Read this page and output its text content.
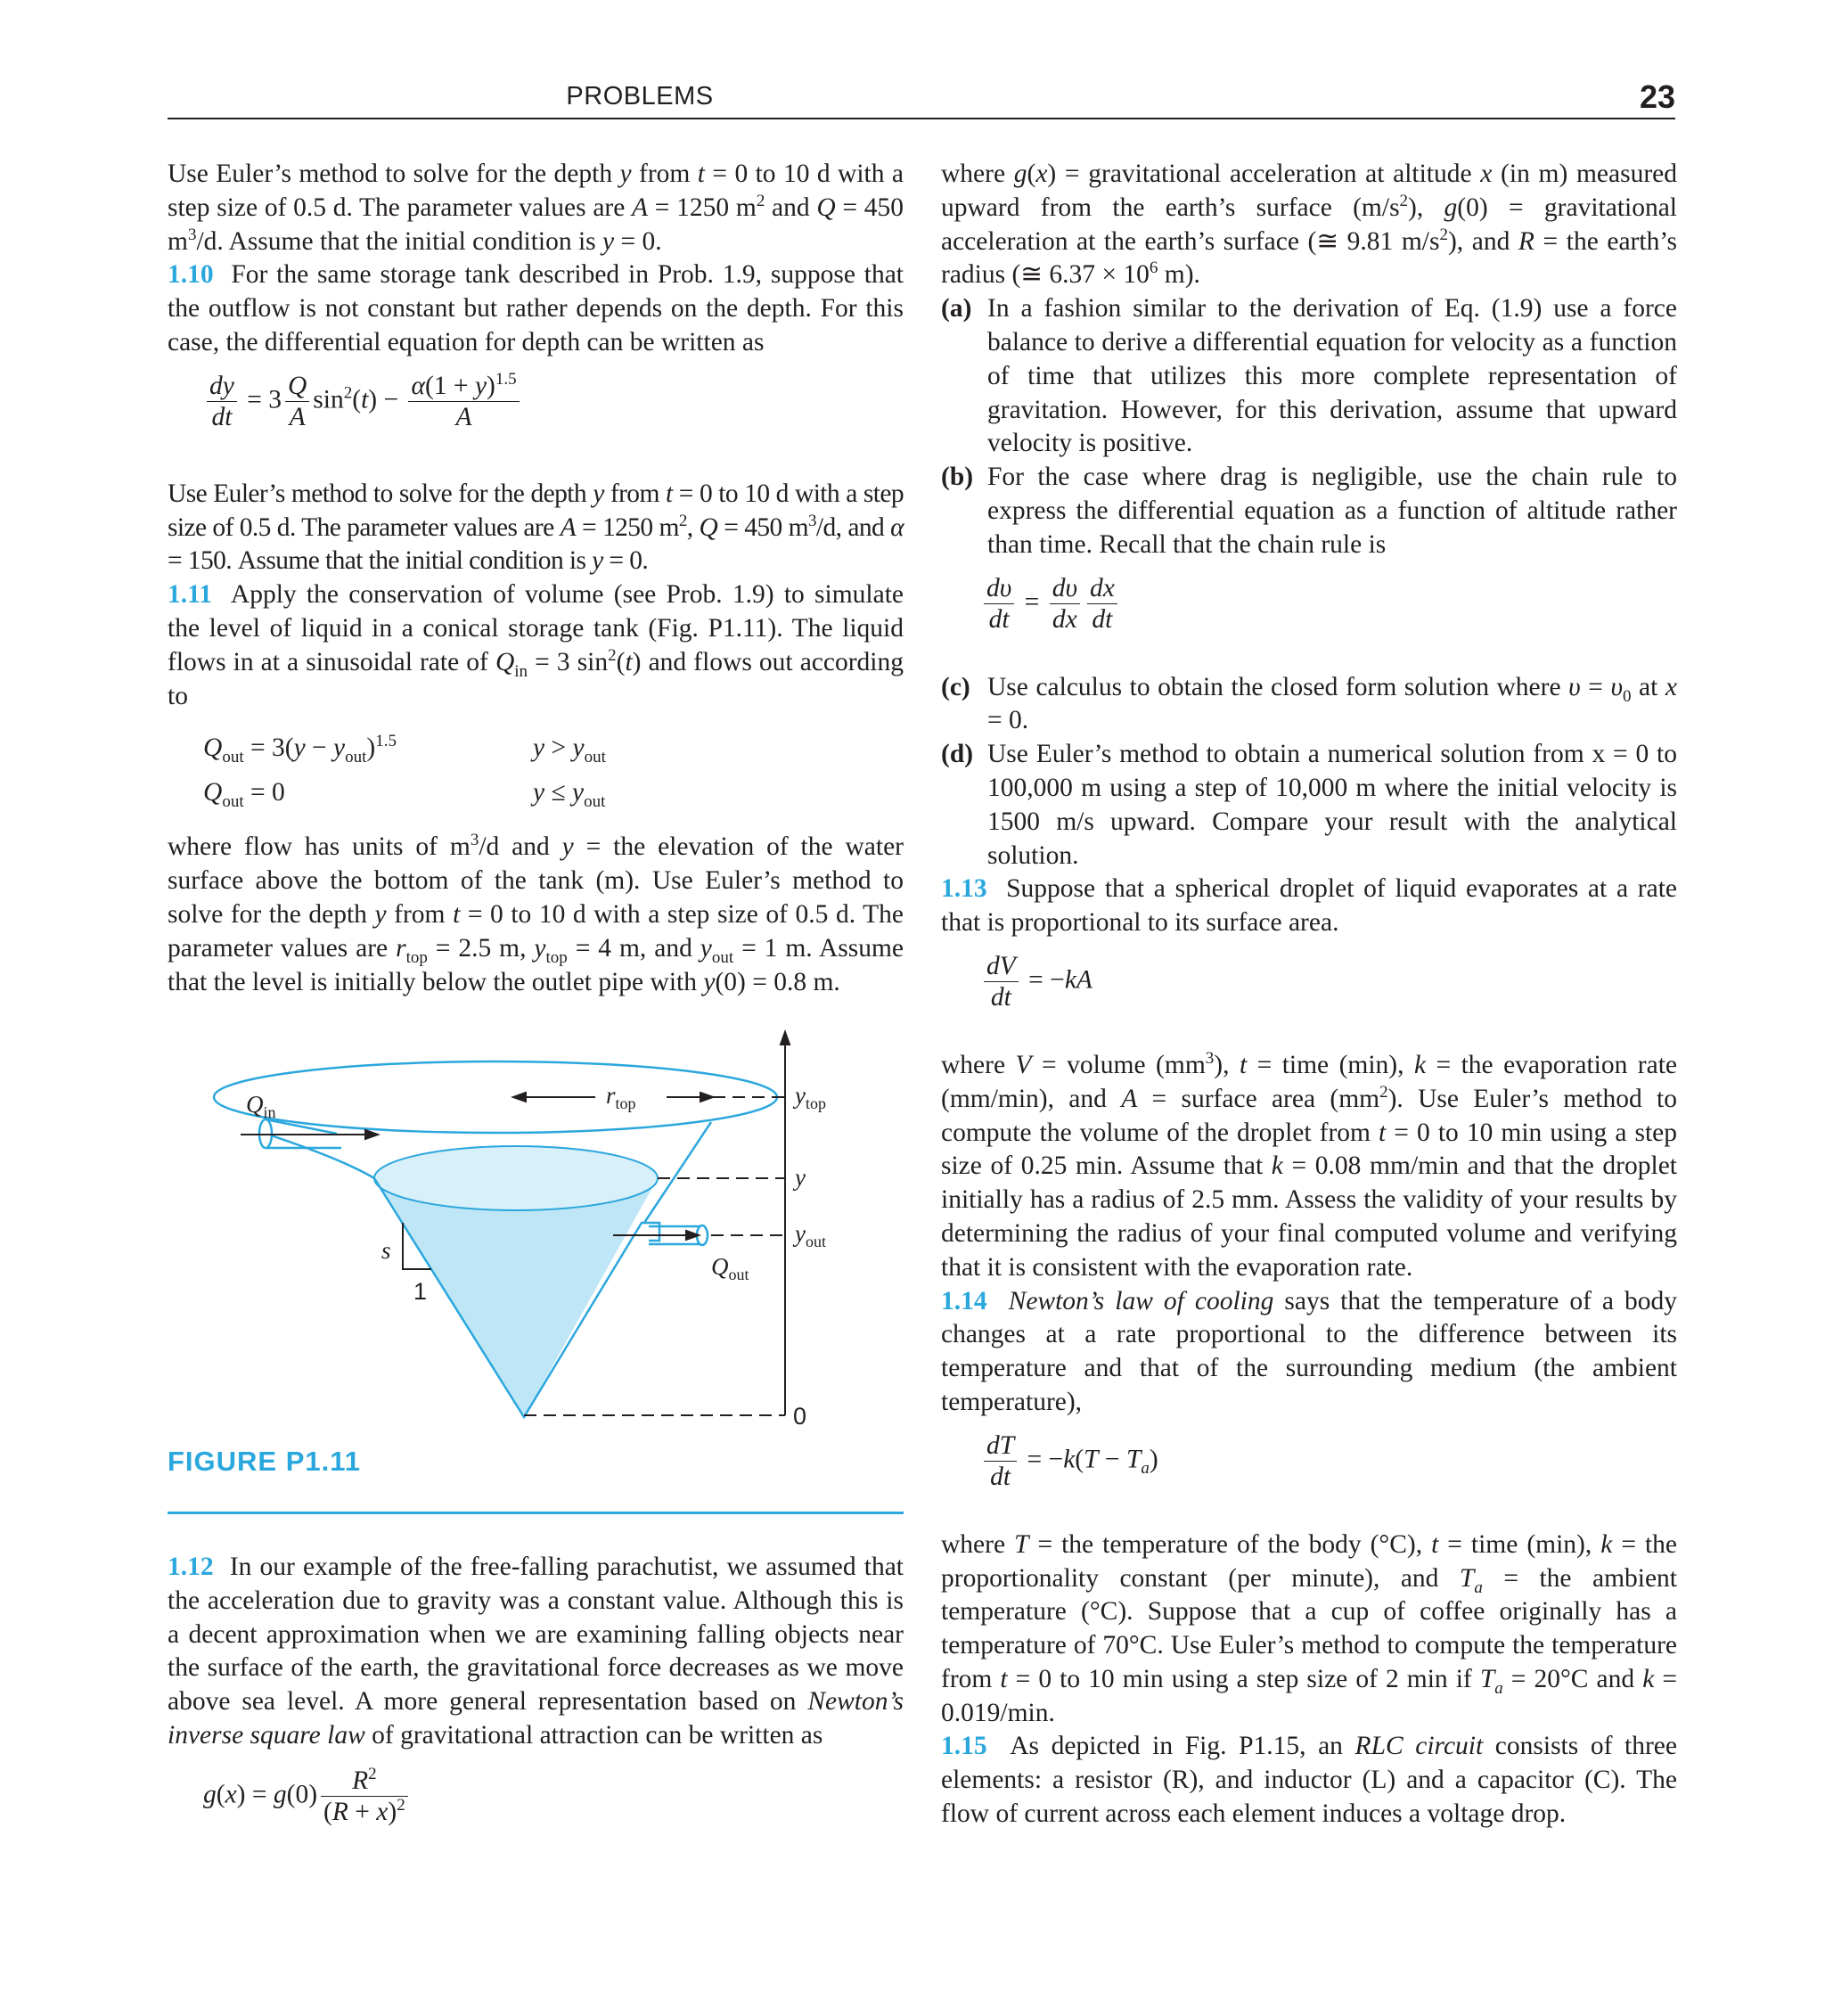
PROBLEMS	23

Use Euler’s method to solve for the depth y from t = 0 to 10 d with a step size of 0.5 d. The parameter values are A = 1250 $m^2$ and Q = 450 $m^3/d$. Assume that the initial condition is y = 0.

1.10  For the same storage tank described in Prob. 1.9, suppose that the outflow is not constant but rather depends on the depth. For this case, the differential equation for depth can be written as

$\frac{dy}{dt} = 3 \frac{Q}{A} \sin^2(t) - \frac{\alpha(1 + y)^{1.5}}{A}$

Use Euler’s method to solve for the depth y from t = 0 to 10 d with a step size of 0.5 d. The parameter values are A = 1250 $m^2$, Q = 450 $m^3/d$, and α = 150. Assume that the initial condition is y = 0.

1.11  Apply the conservation of volume (see Prob. 1.9) to simulate the level of liquid in a conical storage tank (Fig. P1.11). The liquid flows in at a sinusoidal rate of $Q_{in} = 3$ $\sin^2(t)$ and flows out according to

$Q_{out} = 3(y - y_{out})^{1.5}$	$y > y_{out}$
$Q_{out} = 0$	$y \le y_{out}$

where flow has units of $m^3/d$ and y = the elevation of the water surface above the bottom of the tank (m). Use Euler’s method to solve for the depth y from t = 0 to 10 d with a step size of 0.5 d. The parameter values are $r_{top} = 2.5$ m, $y_{top} = 4$ m, and $y_{out} = 1$ m. Assume that the level is initially below the outlet pipe with y(0) = 0.8 m.

$Q_{in}$
$r_{top}$	$y_{top}$
y
$y_{out}$
$Q_{out}$
s
1
0
FIGURE P1.11

1.12  In our example of the free-falling parachutist, we assumed that the acceleration due to gravity was a constant value. Although this is a decent approximation when we are examining falling objects near the surface of the earth, the gravitational force decreases as we move above sea level. A more general representation based on Newton’s inverse square law of gravitational attraction can be written as

$g(x) = g(0) \frac{R^2}{(R + x)^2}$

where g(x) = gravitational acceleration at altitude x (in m) measured upward from the earth’s surface $(m/s^2)$, g(0) = gravitational acceleration at the earth’s surface (≅ 9.81 $m/s^2$), and R = the earth’s radius (≅ $6.37 \times 10^6$ m).

(a) In a fashion similar to the derivation of Eq. (1.9) use a force balance to derive a differential equation for velocity as a function of time that utilizes this more complete representation of gravitation. However, for this derivation, assume that upward velocity is positive.

(b) For the case where drag is negligible, use the chain rule to express the differential equation as a function of altitude rather than time. Recall that the chain rule is

$\frac{d\upsilon}{dt} = \frac{d\upsilon}{dx} \frac{dx}{dt}$

(c) Use calculus to obtain the closed form solution where $\upsilon = \upsilon_0$ at x = 0.

(d) Use Euler’s method to obtain a numerical solution from x = 0 to 100,000 m using a step of 10,000 m where the initial velocity is 1500 m/s upward. Compare your result with the analytical solution.

1.13 Suppose that a spherical droplet of liquid evaporates at a rate that is proportional to its surface area.

$\frac{dV}{dt} = -kA$

where V = volume $(mm^3)$, t = time (min), k = the evaporation rate (mm/min), and A = surface area $(mm^2)$. Use Euler’s method to compute the volume of the droplet from t = 0 to 10 min using a step size of 0.25 min. Assume that k = 0.08 mm/min and that the droplet initially has a radius of 2.5 mm. Assess the validity of your results by determining the radius of your final computed volume and verifying that it is consistent with the evaporation rate.

1.14 Newton’s law of cooling says that the temperature of a body changes at a rate proportional to the difference between its temperature and that of the surrounding medium (the ambient temperature),

$\frac{dT}{dt} = -k(T - T_a)$

where T = the temperature of the body (°C), t = time (min), k = the proportionality constant (per minute), and $T_a$ = the ambient temperature (°C). Suppose that a cup of coffee originally has a temperature of 70°C. Use Euler’s method to compute the temperature from t = 0 to 10 min using a step size of 2 min if $T_a = 20^\circ C$ and k = 0.019/min.

1.15  As depicted in Fig. P1.15, an RLC circuit consists of three elements: a resistor (R), and inductor (L) and a capacitor (C). The flow of current across each element induces a voltage drop.
